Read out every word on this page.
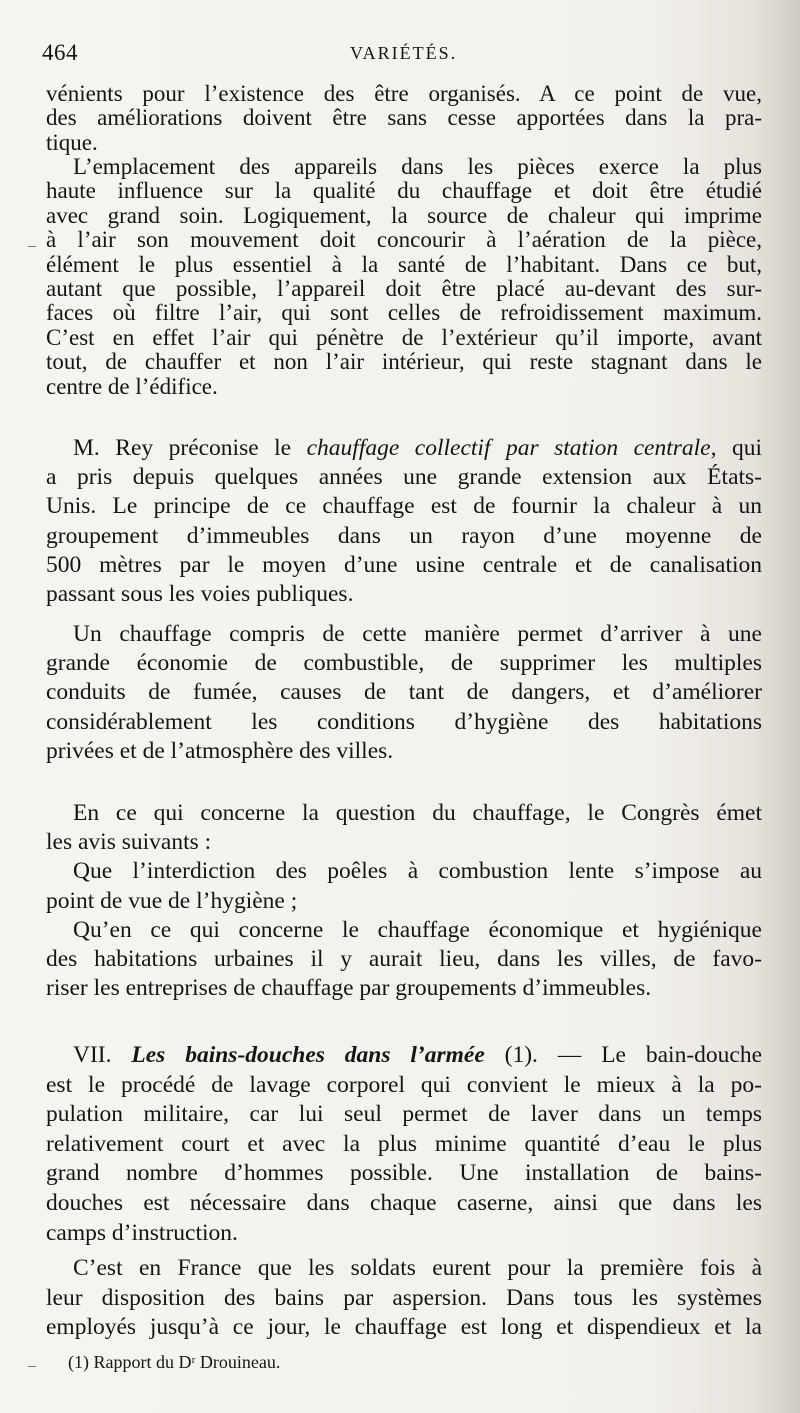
464	VARIÉTÉS.
vénients pour l’existence des être organisés. A ce point de vue,
des améliorations doivent être sans cesse apportées dans la pra-
tique.
L’emplacement des appareils dans les pièces exerce la plus
haute influence sur la qualité du chauffage et doit être étudié
avec grand soin. Logiquement, la source de chaleur qui imprime
à l’air son mouvement doit concourir à l’aération de la pièce,
élément le plus essentiel à la santé de l’habitant. Dans ce but,
autant que possible, l’appareil doit être placé au-devant des sur-
faces où filtre l’air, qui sont celles de refroidissement maximum.
C’est en effet l’air qui pénètre de l’extérieur qu’il importe, avant
tout, de chauffer et non l’air intérieur, qui reste stagnant dans le
centre de l’édifice.
M. Rey préconise le chauffage collectif par station centrale, qui
a pris depuis quelques années une grande extension aux États-
Unis. Le principe de ce chauffage est de fournir la chaleur à un
groupement d’immeubles dans un rayon d’une moyenne de
500 mètres par le moyen d’une usine centrale et de canalisation
passant sous les voies publiques.
Un chauffage compris de cette manière permet d’arriver à une
grande économie de combustible, de supprimer les multiples
conduits de fumée, causes de tant de dangers, et d’améliorer
considérablement les conditions d’hygiène des habitations
privées et de l’atmosphère des villes.
En ce qui concerne la question du chauffage, le Congrès émet
les avis suivants :
Que l’interdiction des poêles à combustion lente s’impose au
point de vue de l’hygiène ;
Qu’en ce qui concerne le chauffage économique et hygiénique
des habitations urbaines il y aurait lieu, dans les villes, de favo-
riser les entreprises de chauffage par groupements d’immeubles.
VII. Les bains-douches dans l’armée (1). — Le bain-douche
est le procédé de lavage corporel qui convient le mieux à la po-
pulation militaire, car lui seul permet de laver dans un temps
relativement court et avec la plus minime quantité d’eau le plus
grand nombre d’hommes possible. Une installation de bains-
douches est nécessaire dans chaque caserne, ainsi que dans les
camps d’instruction.
C’est en France que les soldats eurent pour la première fois à
leur disposition des bains par aspersion. Dans tous les systèmes
employés jusqu’à ce jour, le chauffage est long et dispendieux et la
(1) Rapport du Dʳ Drouineau.
